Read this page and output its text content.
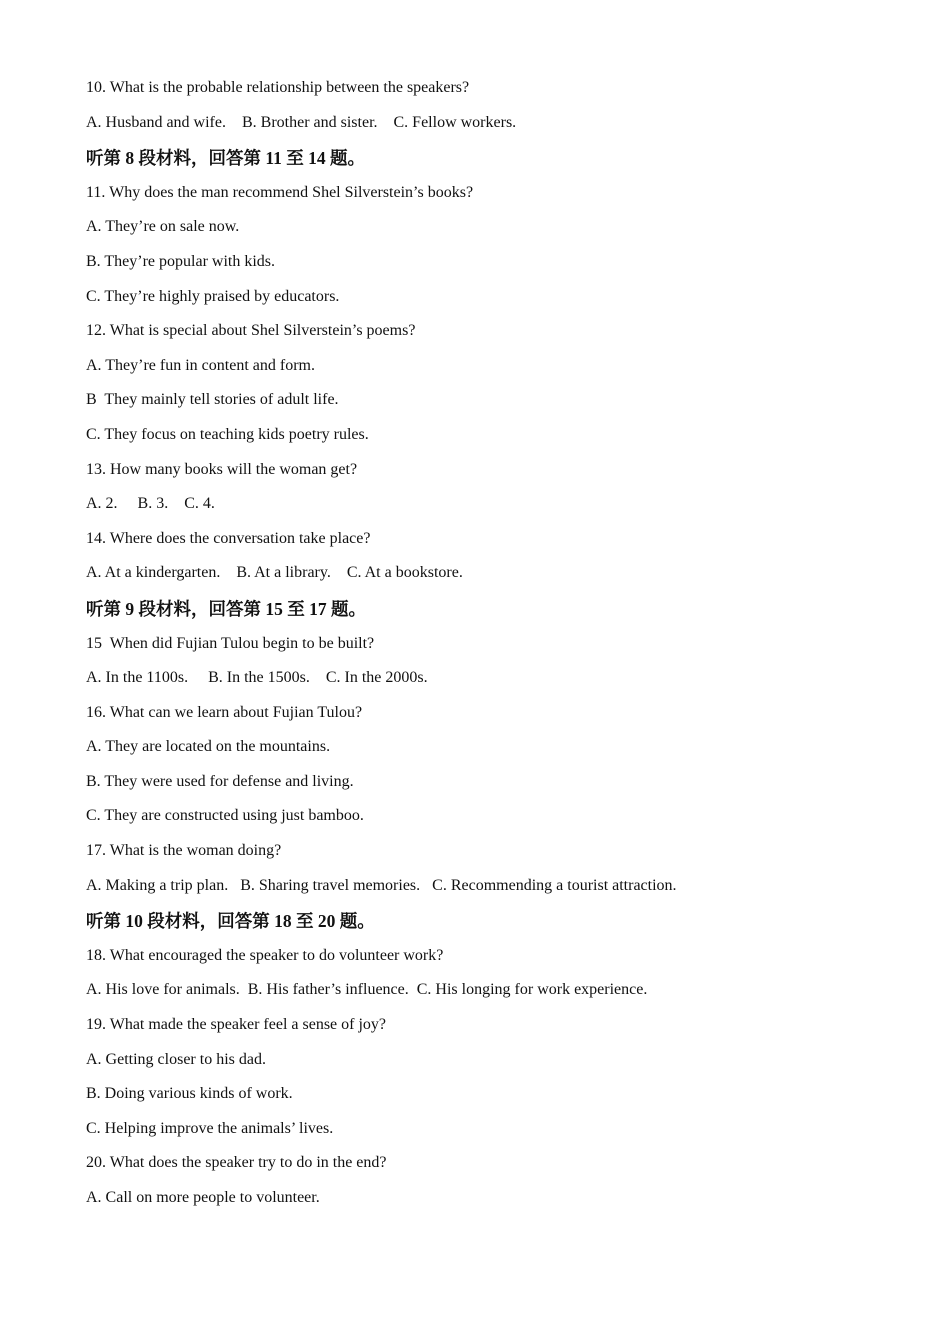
10. What is the probable relationship between the speakers?
A. Husband and wife.    B. Brother and sister.    C. Fellow workers.
听第 8 段材料，回答第 11 至 14 题。
11. Why does the man recommend Shel Silverstein’s books?
A. They’re on sale now.
B. They’re popular with kids.
C. They’re highly praised by educators.
12. What is special about Shel Silverstein’s poems?
A. They’re fun in content and form.
B  They mainly tell stories of adult life.
C. They focus on teaching kids poetry rules.
13. How many books will the woman get?
A. 2.     B. 3.    C. 4.
14. Where does the conversation take place?
A. At a kindergarten.    B. At a library.    C. At a bookstore.
听第 9 段材料，回答第 15 至 17 题。
15  When did Fujian Tulou begin to be built?
A. In the 1100s.     B. In the 1500s.    C. In the 2000s.
16. What can we learn about Fujian Tulou?
A. They are located on the mountains.
B. They were used for defense and living.
C. They are constructed using just bamboo.
17. What is the woman doing?
A. Making a trip plan.   B. Sharing travel memories.   C. Recommending a tourist attraction.
听第 10 段材料，回答第 18 至 20 题。
18. What encouraged the speaker to do volunteer work?
A. His love for animals.  B. His father’s influence.  C. His longing for work experience.
19. What made the speaker feel a sense of joy?
A. Getting closer to his dad.
B. Doing various kinds of work.
C. Helping improve the animals’ lives.
20. What does the speaker try to do in the end?
A. Call on more people to volunteer.
